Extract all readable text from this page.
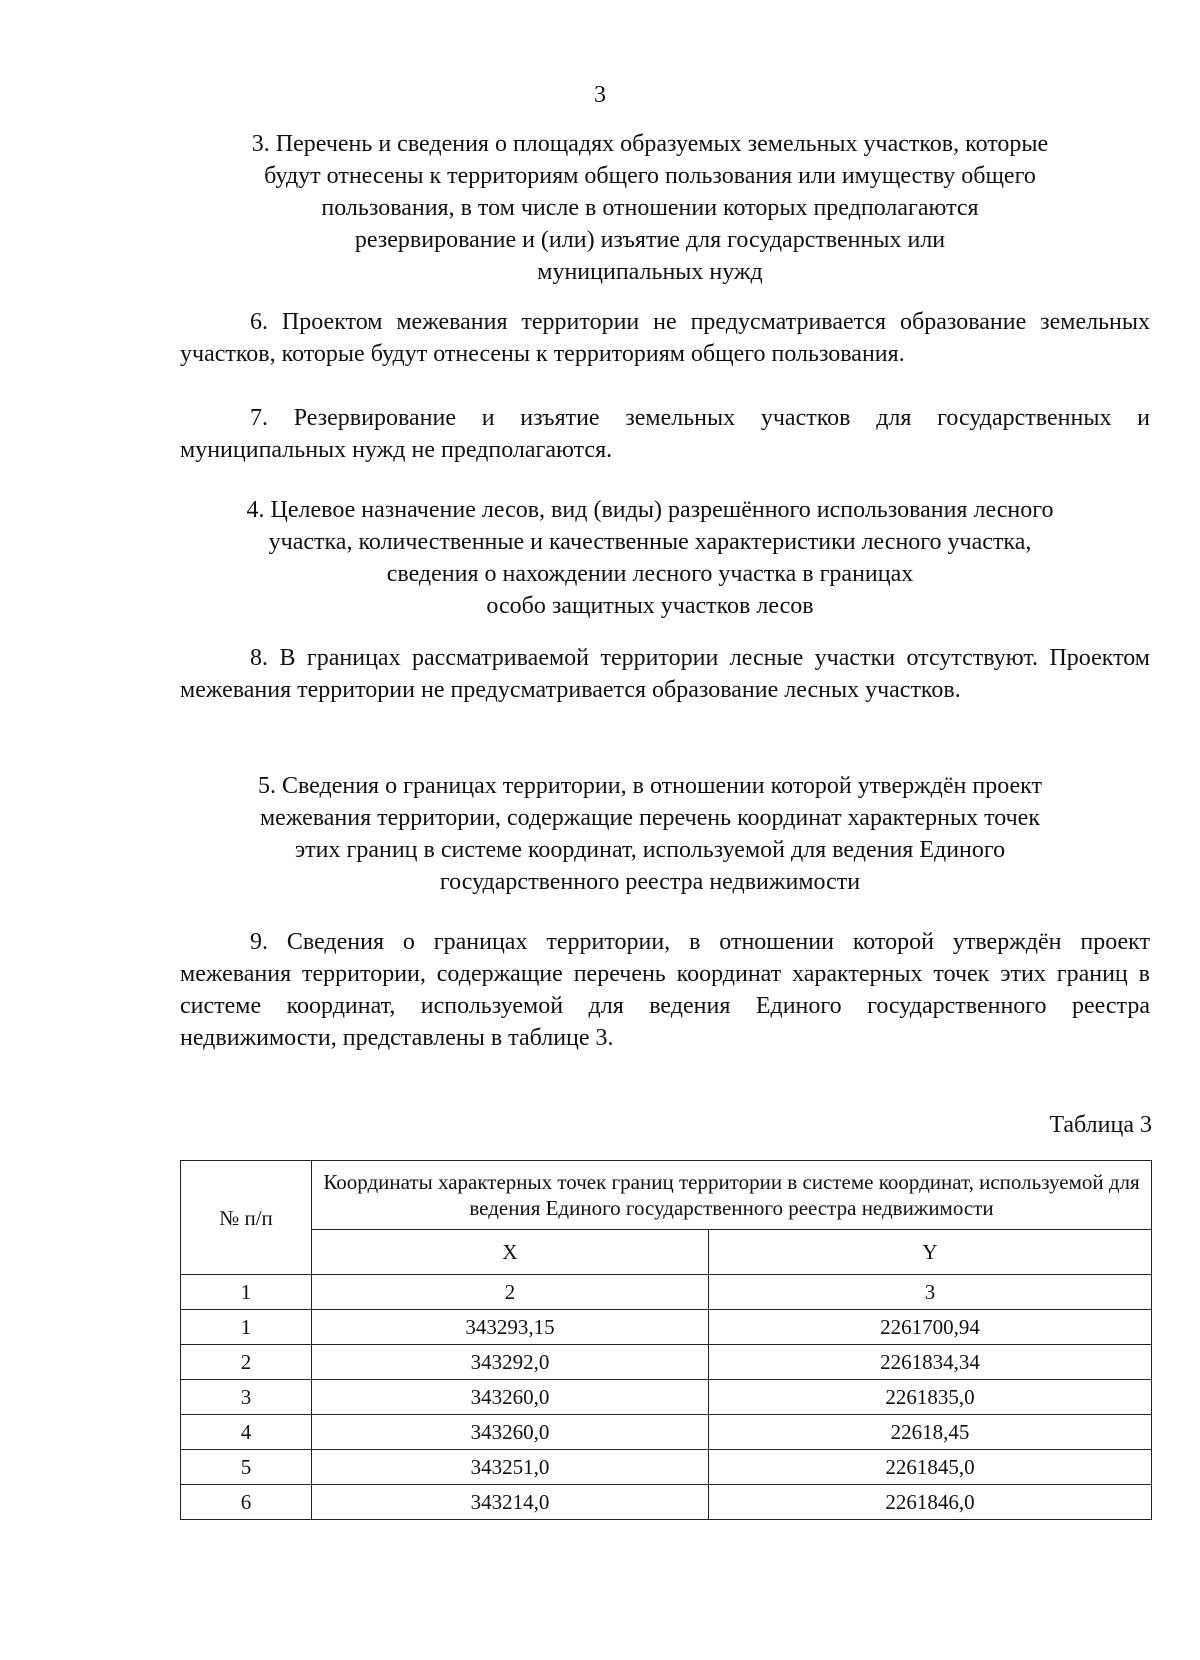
3
3. Перечень и сведения о площадях образуемых земельных участков, которые
будут отнесены к территориям общего пользования или имуществу общего
пользования, в том числе в отношении которых предполагаются
резервирование и (или) изъятие для государственных или
муниципальных нужд

6. Проектом межевания территории не предусматривается образование земельных участков, которые будут отнесены к территориям общего пользования.

7. Резервирование и изъятие земельных участков для государственных и муниципальных нужд не предполагаются.

4. Целевое назначение лесов, вид (виды) разрешённого использования лесного
участка, количественные и качественные характеристики лесного участка,
сведения о нахождении лесного участка в границах
особо защитных участков лесов

8. В границах рассматриваемой территории лесные участки отсутствуют. Проектом межевания территории не предусматривается образование лесных участков.

5. Сведения о границах территории, в отношении которой утверждён проект
межевания территории, содержащие перечень координат характерных точек
этих границ в системе координат, используемой для ведения Единого
государственного реестра недвижимости

9. Сведения о границах территории, в отношении которой утверждён проект межевания территории, содержащие перечень координат характерных точек этих границ в системе координат, используемой для ведения Единого государственного реестра недвижимости, представлены в таблице 3.

Таблица 3
№ п/п	Координаты характерных точек границ территории в системе координат, используемой для ведения Единого государственного реестра недвижимости	
	X	Y
1	2	3
1	343293,15	2261700,94
2	343292,0	2261834,34
3	343260,0	2261835,0
4	343260,0	22618,45
5	343251,0	2261845,0
6	343214,0	2261846,0
